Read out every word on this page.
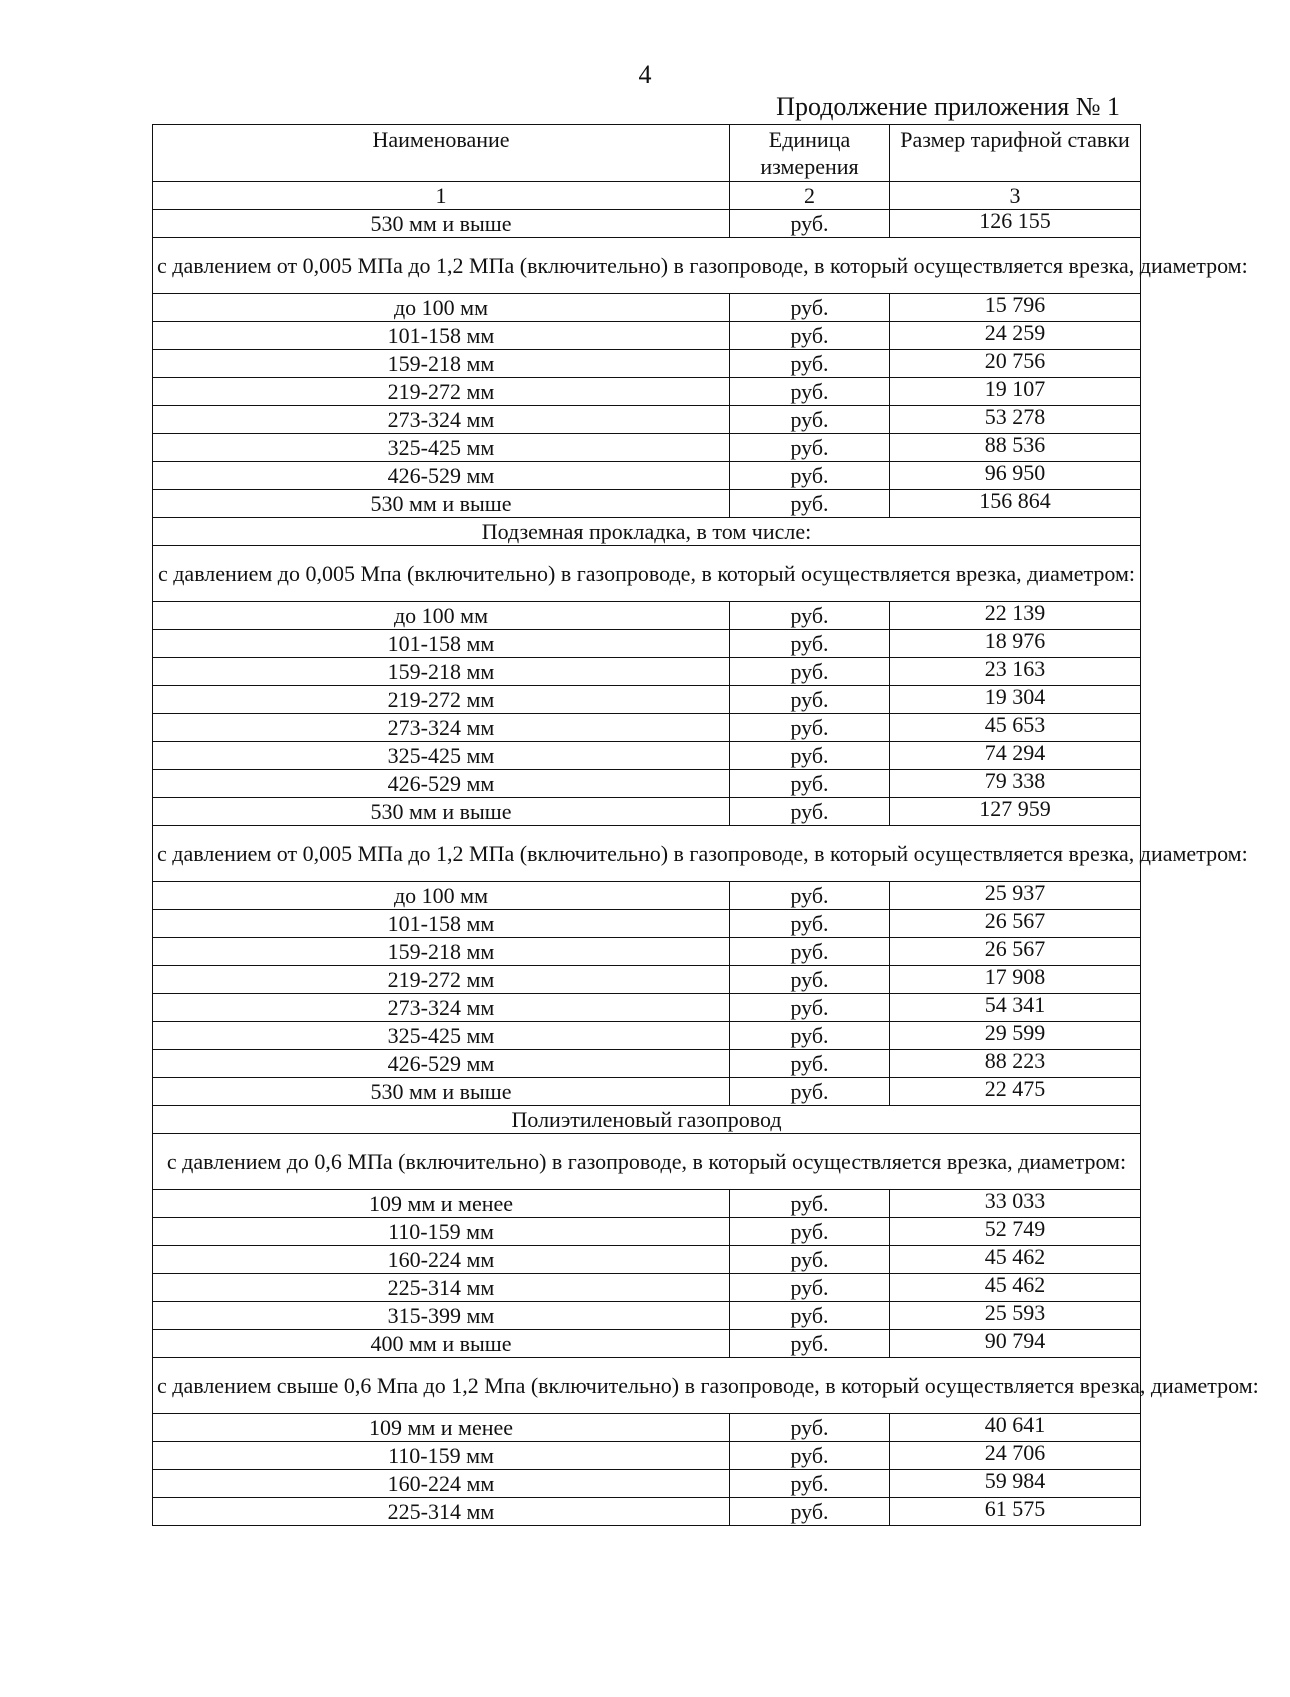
4
Продолжение приложения № 1
Наименование	Единица измерения	Размер тарифной ставки
1	2	3
530 мм и выше	руб.	126 155
с давлением от 0,005 МПа до 1,2 МПа (включительно) в газопроводе, в который осуществляется врезка, диаметром:		
до 100 мм	руб.	15 796
101-158 мм	руб.	24 259
159-218 мм	руб.	20 756
219-272 мм	руб.	19 107
273-324 мм	руб.	53 278
325-425 мм	руб.	88 536
426-529 мм	руб.	96 950
530 мм и выше	руб.	156 864
Подземная прокладка, в том числе:		
с давлением до 0,005 Мпа (включительно) в газопроводе, в который осуществляется врезка, диаметром:		
до 100 мм	руб.	22 139
101-158 мм	руб.	18 976
159-218 мм	руб.	23 163
219-272 мм	руб.	19 304
273-324 мм	руб.	45 653
325-425 мм	руб.	74 294
426-529 мм	руб.	79 338
530 мм и выше	руб.	127 959
с давлением от 0,005 МПа до 1,2 МПа (включительно) в газопроводе, в который осуществляется врезка, диаметром:		
до 100 мм	руб.	25 937
101-158 мм	руб.	26 567
159-218 мм	руб.	26 567
219-272 мм	руб.	17 908
273-324 мм	руб.	54 341
325-425 мм	руб.	29 599
426-529 мм	руб.	88 223
530 мм и выше	руб.	22 475
Полиэтиленовый газопровод		
с давлением до 0,6 МПа (включительно) в газопроводе, в который осуществляется врезка, диаметром:		
109 мм и менее	руб.	33 033
110-159 мм	руб.	52 749
160-224 мм	руб.	45 462
225-314 мм	руб.	45 462
315-399 мм	руб.	25 593
400 мм и выше	руб.	90 794
с давлением свыше 0,6 Мпа до 1,2 Мпа (включительно) в газопроводе, в который осуществляется врезка, диаметром:		
109 мм и менее	руб.	40 641
110-159 мм	руб.	24 706
160-224 мм	руб.	59 984
225-314 мм	руб.	61 575
